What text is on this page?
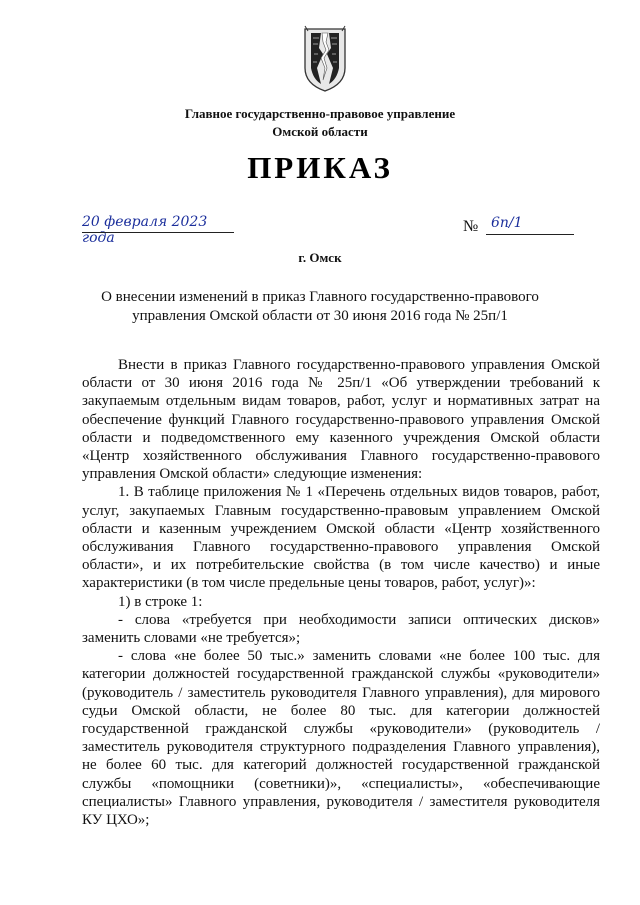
Главное государственно-правовое управление
Омской области
ПРИКАЗ
20 февраля 2023 года
№ 6п/1
г. Омск
О внесении изменений в приказ Главного государственно-правового управления Омской области от 30 июня 2016 года № 25п/1

Внести в приказ Главного государственно-правового управления Омской области от 30 июня 2016 года № 25п/1 «Об утверждении требований к закупаемым отдельным видам товаров, работ, услуг и нормативных затрат на обеспечение функций Главного государственно-правового управления Омской области и подведомственного ему казенного учреждения Омской области «Центр хозяйственного обслуживания Главного государственно-правового управления Омской области» следующие изменения:

1. В таблице приложения № 1 «Перечень отдельных видов товаров, работ, услуг, закупаемых Главным государственно-правовым управлением Омской области и казенным учреждением Омской области «Центр хозяйственного обслуживания Главного государственно-правового управления Омской области», и их потребительские свойства (в том числе качество) и иные характеристики (в том числе предельные цены товаров, работ, услуг)»:

1) в строке 1:

- слова «требуется при необходимости записи оптических дисков» заменить словами «не требуется»;

- слова «не более 50 тыс.» заменить словами «не более 100 тыс. для категории должностей государственной гражданской службы «руководители» (руководитель / заместитель руководителя Главного управления), для мирового судьи Омской области, не более 80 тыс. для категории должностей государственной гражданской службы «руководители» (руководитель / заместитель руководителя структурного подразделения Главного управления), не более 60 тыс. для категорий должностей государственной гражданской службы «помощники (советники)», «специалисты», «обеспечивающие специалисты» Главного управления, руководителя / заместителя руководителя КУ ЦХО»;
